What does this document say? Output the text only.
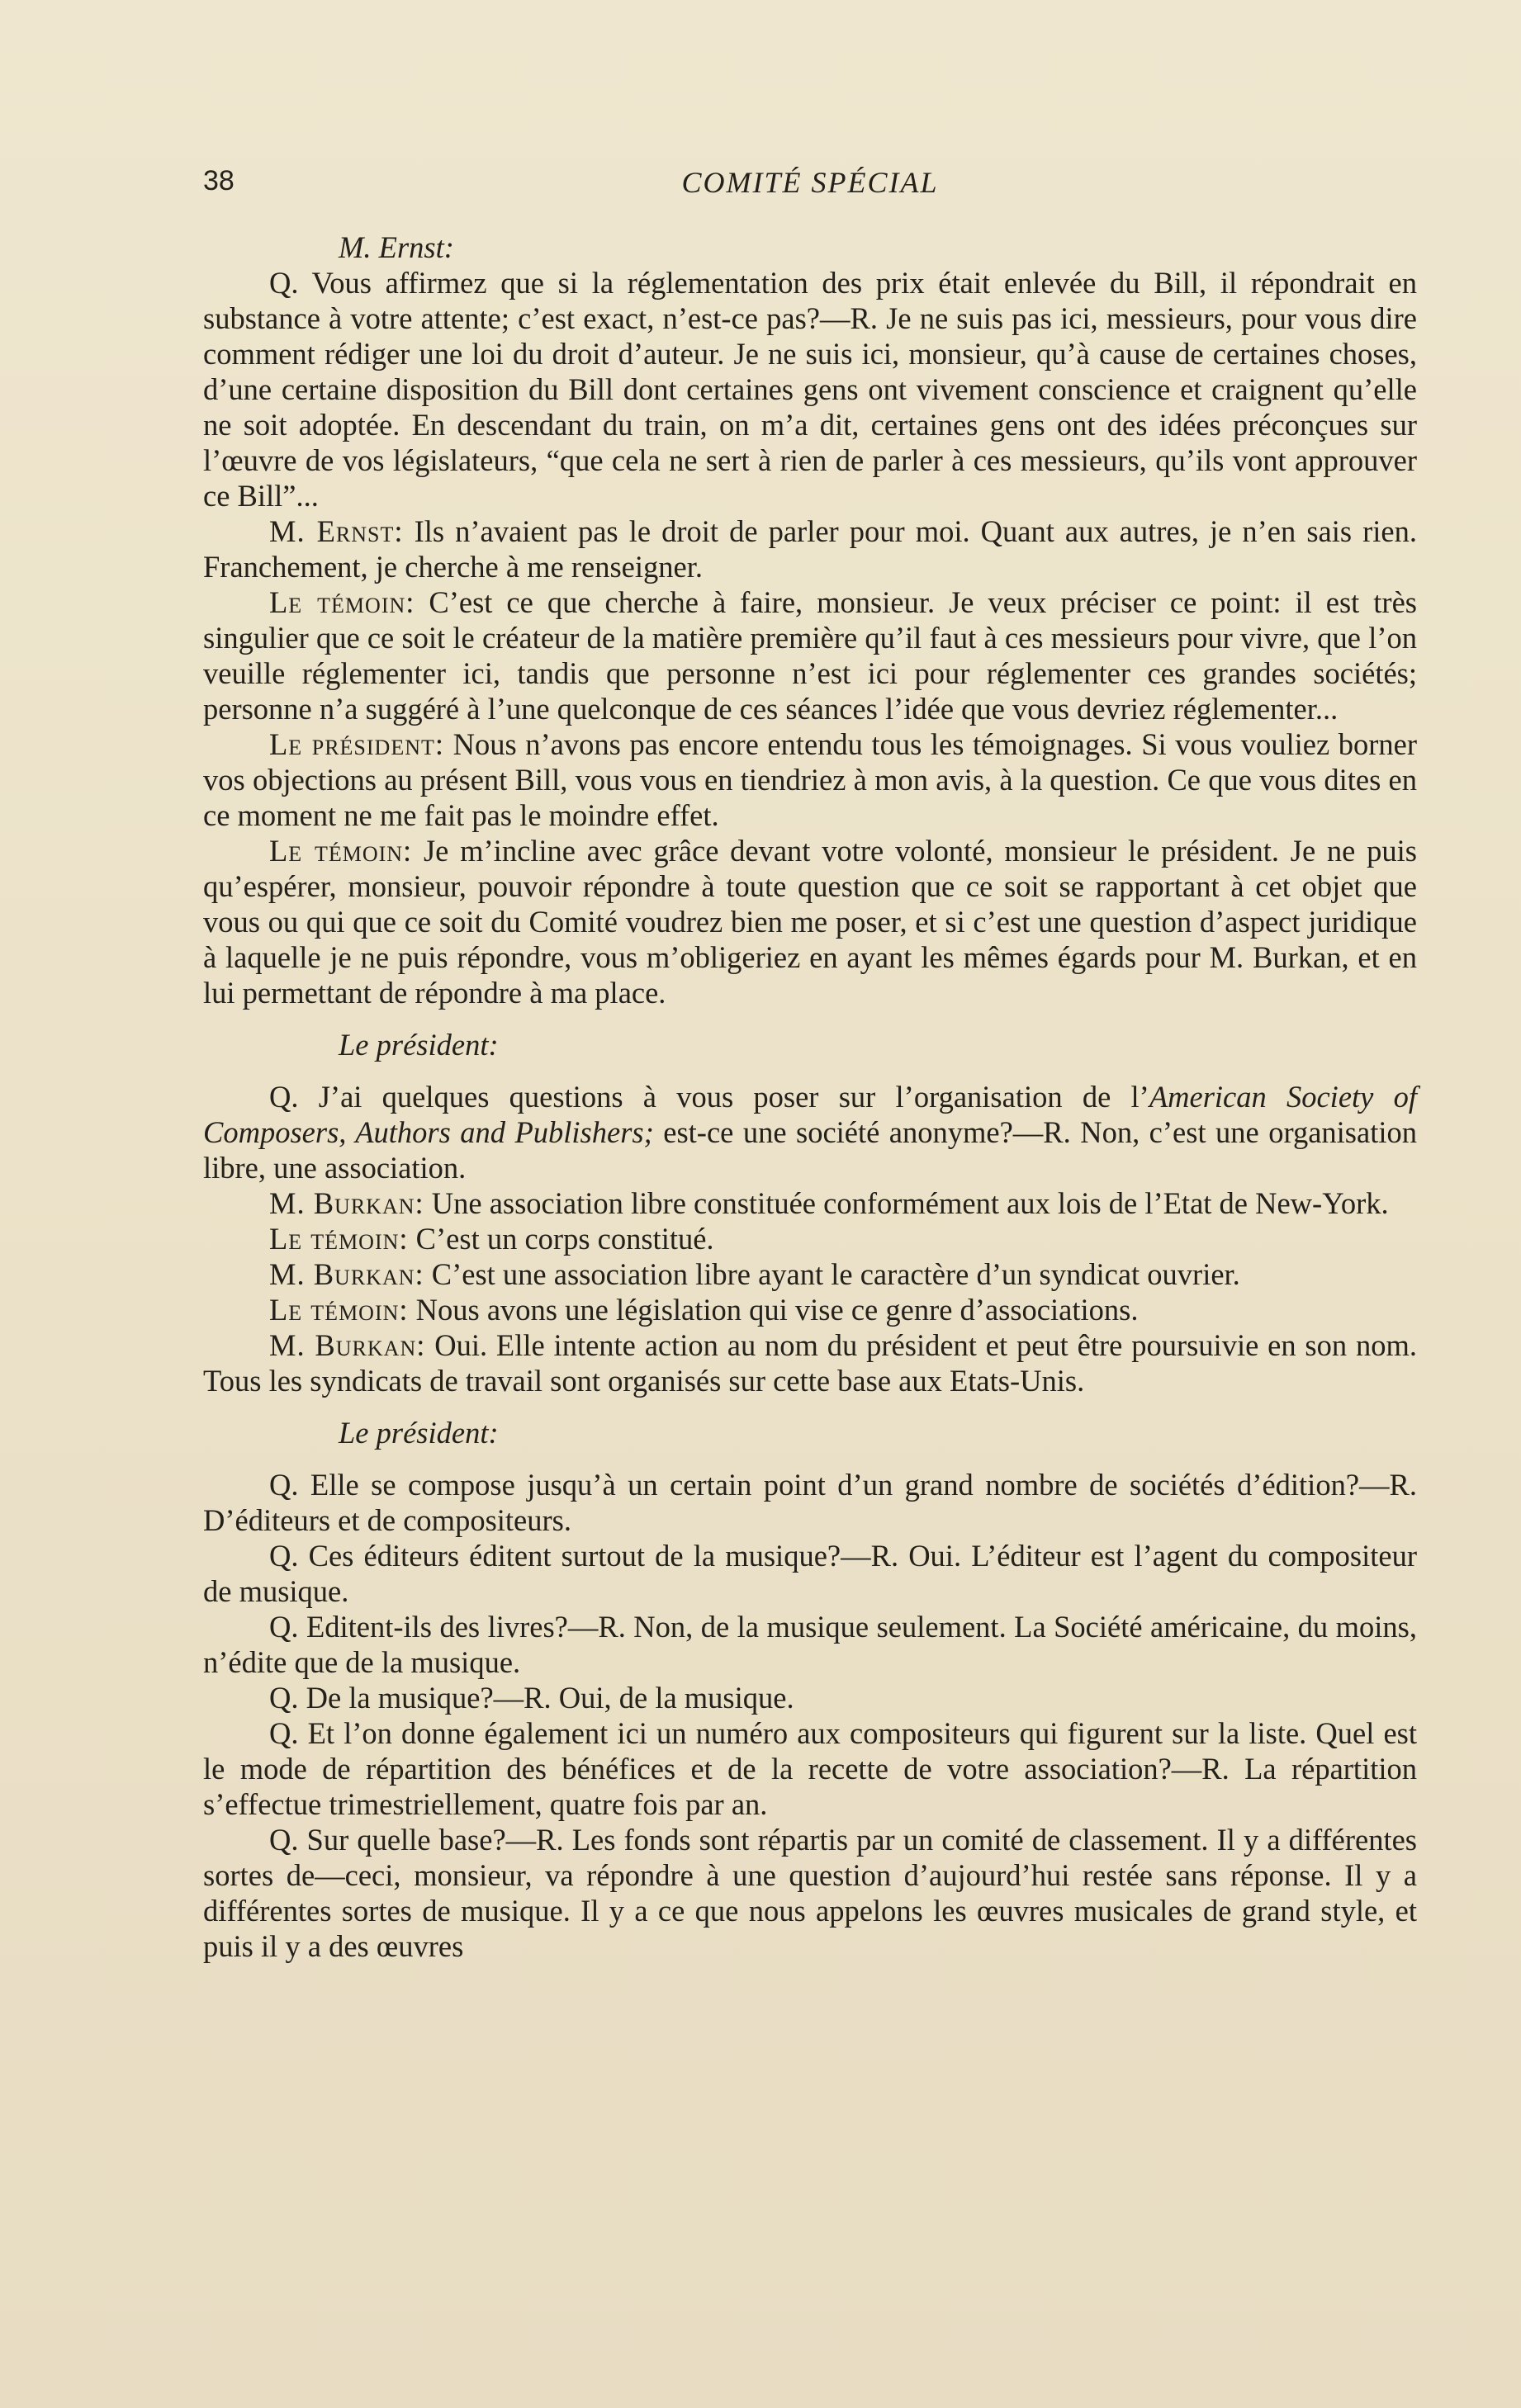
38	COMITÉ SPÉCIAL

M. Ernst:

Q. Vous affirmez que si la réglementation des prix était enlevée du Bill, il répondrait en substance à votre attente; c’est exact, n’est-ce pas?—R. Je ne suis pas ici, messieurs, pour vous dire comment rédiger une loi du droit d’auteur. Je ne suis ici, monsieur, qu’à cause de certaines choses, d’une certaine disposition du Bill dont certaines gens ont vivement conscience et craignent qu’elle ne soit adoptée. En descendant du train, on m’a dit, certaines gens ont des idées préconçues sur l’œuvre de vos législateurs, “que cela ne sert à rien de parler à ces messieurs, qu’ils vont approuver ce Bill”...

M. Ernst: Ils n’avaient pas le droit de parler pour moi. Quant aux autres, je n’en sais rien. Franchement, je cherche à me renseigner.

Le témoin: C’est ce que cherche à faire, monsieur. Je veux préciser ce point: il est très singulier que ce soit le créateur de la matière première qu’il faut à ces messieurs pour vivre, que l’on veuille réglementer ici, tandis que personne n’est ici pour réglementer ces grandes sociétés; personne n’a suggéré à l’une quelconque de ces séances l’idée que vous devriez réglementer...

Le président: Nous n’avons pas encore entendu tous les témoignages. Si vous vouliez borner vos objections au présent Bill, vous vous en tiendriez à mon avis, à la question. Ce que vous dites en ce moment ne me fait pas le moindre effet.

Le témoin: Je m’incline avec grâce devant votre volonté, monsieur le président. Je ne puis qu’espérer, monsieur, pouvoir répondre à toute question que ce soit se rapportant à cet objet que vous ou qui que ce soit du Comité voudrez bien me poser, et si c’est une question d’aspect juridique à laquelle je ne puis répondre, vous m’obligeriez en ayant les mêmes égards pour M. Burkan, et en lui permettant de répondre à ma place.

Le président:

Q. J’ai quelques questions à vous poser sur l’organisation de l’American Society of Composers, Authors and Publishers; est-ce une société anonyme?—R. Non, c’est une organisation libre, une association.

M. Burkan: Une association libre constituée conformément aux lois de l’Etat de New-York.

Le témoin: C’est un corps constitué.

M. Burkan: C’est une association libre ayant le caractère d’un syndicat ouvrier.

Le témoin: Nous avons une législation qui vise ce genre d’associations.

M. Burkan: Oui. Elle intente action au nom du président et peut être poursuivie en son nom. Tous les syndicats de travail sont organisés sur cette base aux Etats-Unis.

Le président:

Q. Elle se compose jusqu’à un certain point d’un grand nombre de sociétés d’édition?—R. D’éditeurs et de compositeurs.

Q. Ces éditeurs éditent surtout de la musique?—R. Oui. L’éditeur est l’agent du compositeur de musique.

Q. Editent-ils des livres?—R. Non, de la musique seulement. La Société américaine, du moins, n’édite que de la musique.

Q. De la musique?—R. Oui, de la musique.

Q. Et l’on donne également ici un numéro aux compositeurs qui figurent sur la liste. Quel est le mode de répartition des bénéfices et de la recette de votre association?—R. La répartition s’effectue trimestriellement, quatre fois par an.

Q. Sur quelle base?—R. Les fonds sont répartis par un comité de classement. Il y a différentes sortes de—ceci, monsieur, va répondre à une question d’aujourd’hui restée sans réponse. Il y a différentes sortes de musique. Il y a ce que nous appelons les œuvres musicales de grand style, et puis il y a des œuvres
